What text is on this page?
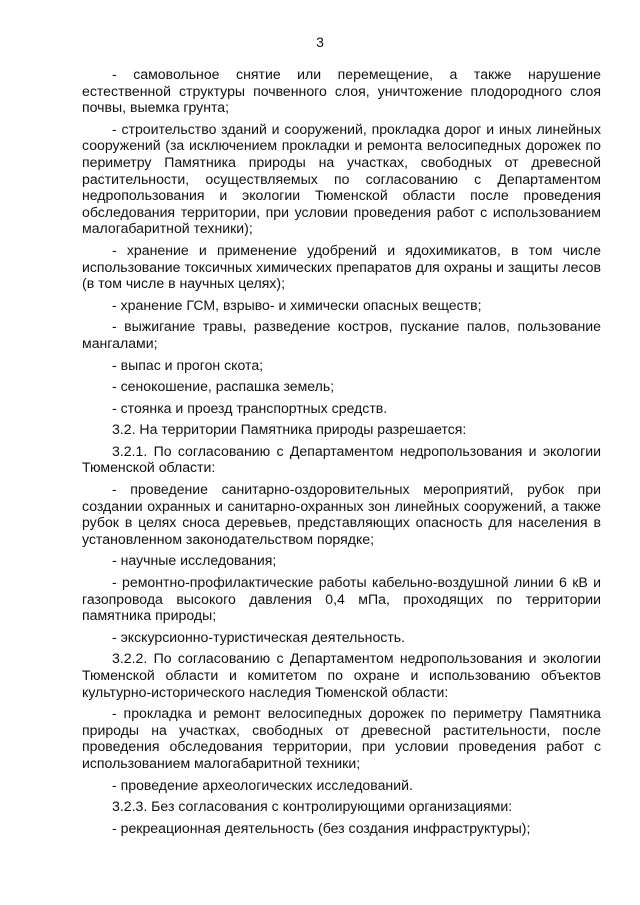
3

- самовольное снятие или перемещение, а также нарушение естественной структуры почвенного слоя, уничтожение плодородного слоя почвы, выемка грунта;

- строительство зданий и сооружений, прокладка дорог и иных линейных сооружений (за исключением прокладки и ремонта велосипедных дорожек по периметру Памятника природы на участках, свободных от древесной растительности, осуществляемых по согласованию с Департаментом недропользования и экологии Тюменской области после проведения обследования территории, при условии проведения работ с использованием малогабаритной техники);

- хранение и применение удобрений и ядохимикатов, в том числе использование токсичных химических препаратов для охраны и защиты лесов (в том числе в научных целях);

- хранение ГСМ, взрыво- и химически опасных веществ;

- выжигание травы, разведение костров, пускание палов, пользование мангалами;

- выпас и прогон скота;

- сенокошение, распашка земель;

- стоянка и проезд транспортных средств.

3.2. На территории Памятника природы разрешается:

3.2.1. По согласованию с Департаментом недропользования и экологии Тюменской области:

- проведение санитарно-оздоровительных мероприятий, рубок при создании охранных и санитарно-охранных зон линейных сооружений, а также рубок в целях сноса деревьев, представляющих опасность для населения в установленном законодательством порядке;

- научные исследования;

- ремонтно-профилактические работы кабельно-воздушной линии 6 кВ и газопровода высокого давления 0,4 мПа, проходящих по территории памятника природы;

- экскурсионно-туристическая деятельность.

3.2.2. По согласованию с Департаментом недропользования и экологии Тюменской области и комитетом по охране и использованию объектов культурно-исторического наследия Тюменской области:

- прокладка и ремонт велосипедных дорожек по периметру Памятника природы на участках, свободных от древесной растительности, после проведения обследования территории, при условии проведения работ с использованием малогабаритной техники;

- проведение археологических исследований.

3.2.3. Без согласования с контролирующими организациями:

- рекреационная деятельность (без создания инфраструктуры);
